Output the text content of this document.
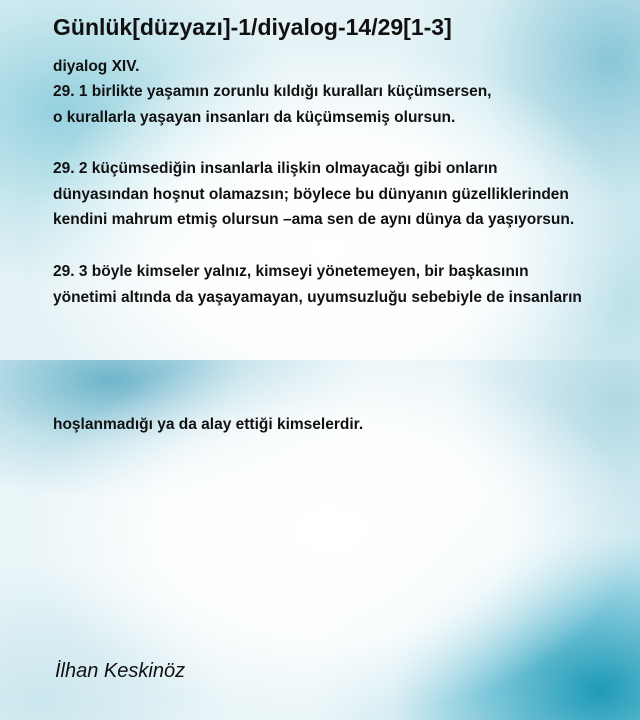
Günlük[düzyazı]-1/diyalog-14/29[1-3]
diyalog XIV.
29. 1 birlikte yaşamın zorunlu kıldığı kuralları küçümsersen,
o kurallarla yaşayan insanları da küçümsemiş olursun.
29. 2 küçümsediğin insanlarla ilişkin olmayacağı gibi onların
dünyasından hoşnut olamazsın; böylece bu dünyanın güzelliklerinden
kendini mahrum etmiş olursun –ama sen de aynı dünya da yaşıyorsun.
29. 3 böyle kimseler yalnız, kimseyi yönetemeyen, bir başkasının
yönetimi altında da yaşayamayan, uyumsuzluğu sebebiyle de insanların
hoşlanmadığı ya da alay ettiği kimselerdir.
İlhan Keskinöz
